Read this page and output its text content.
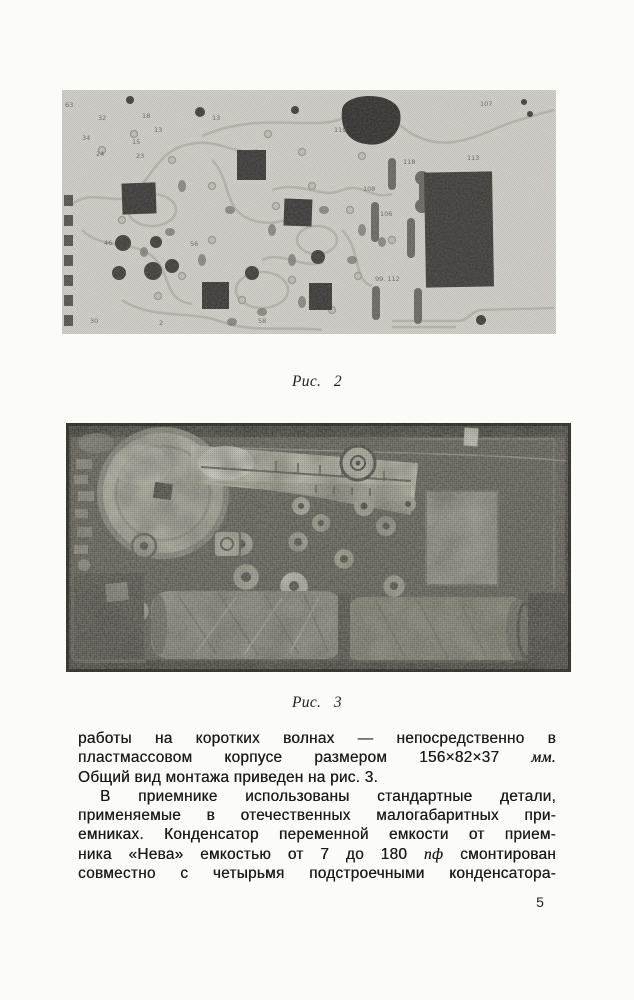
Рис. 2
Рис. 3
работы на коротких волнах — непосредственно в
пластмассовом корпусе размером 156×82×37 мм.
Общий вид монтажа приведен на рис. 3.
В приемнике использованы стандартные детали,
применяемые в отечественных малогабаритных при-
емниках. Конденсатор переменной емкости от прием-
ника «Нева» емкостью от 7 до 180 пф смонтирован
совместно с четырьмя подстроечными конденсатора-
5
